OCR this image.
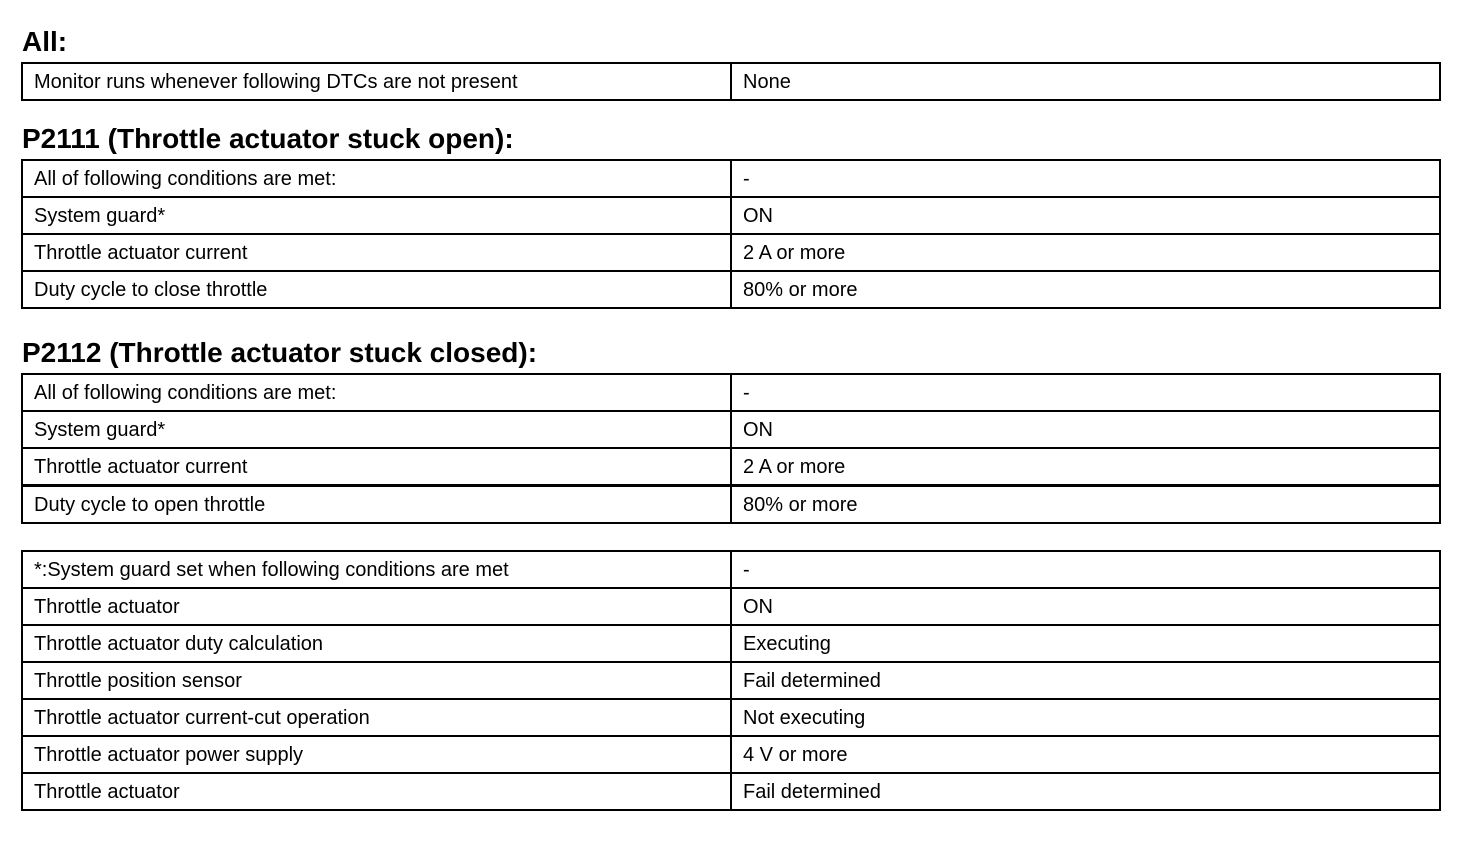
All:
Monitor runs whenever following DTCs are not present	None
P2111 (Throttle actuator stuck open):
All of following conditions are met:	-
System guard*	ON
Throttle actuator current	2 A or more
Duty cycle to close throttle	80% or more
P2112 (Throttle actuator stuck closed):
All of following conditions are met:	-
System guard*	ON
Throttle actuator current	2 A or more
Duty cycle to open throttle	80% or more
*:System guard set when following conditions are met	-
Throttle actuator	ON
Throttle actuator duty calculation	Executing
Throttle position sensor	Fail determined
Throttle actuator current-cut operation	Not executing
Throttle actuator power supply	4 V or more
Throttle actuator	Fail determined
